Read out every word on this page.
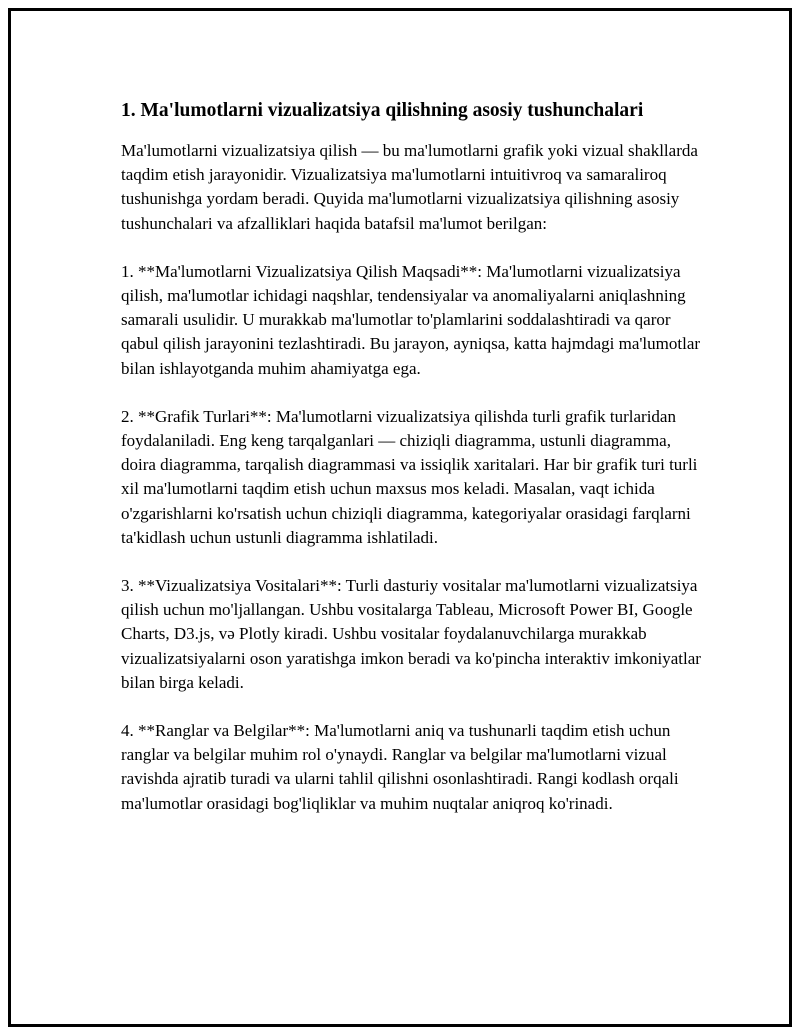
1. Ma'lumotlarni vizualizatsiya qilishning asosiy tushunchalari

Ma'lumotlarni vizualizatsiya qilish — bu ma'lumotlarni grafik yoki vizual shakllarda taqdim etish jarayonidir. Vizualizatsiya ma'lumotlarni intuitivroq va samaraliroq tushunishga yordam beradi. Quyida ma'lumotlarni vizualizatsiya qilishning asosiy tushunchalari va afzalliklari haqida batafsil ma'lumot berilgan:

1. **Ma'lumotlarni Vizualizatsiya Qilish Maqsadi**: Ma'lumotlarni vizualizatsiya qilish, ma'lumotlar ichidagi naqshlar, tendensiyalar va anomaliyalarni aniqlashning samarali usulidir. U murakkab ma'lumotlar to'plamlarini soddalashtiradi va qaror qabul qilish jarayonini tezlashtiradi. Bu jarayon, ayniqsa, katta hajmdagi ma'lumotlar bilan ishlayotganda muhim ahamiyatga ega.

2. **Grafik Turlari**: Ma'lumotlarni vizualizatsiya qilishda turli grafik turlaridan foydalaniladi. Eng keng tarqalganlari — chiziqli diagramma, ustunli diagramma, doira diagramma, tarqalish diagrammasi va issiqlik xaritalari. Har bir grafik turi turli xil ma'lumotlarni taqdim etish uchun maxsus mos keladi. Masalan, vaqt ichida o'zgarishlarni ko'rsatish uchun chiziqli diagramma, kategoriyalar orasidagi farqlarni ta'kidlash uchun ustunli diagramma ishlatiladi.

3. **Vizualizatsiya Vositalari**: Turli dasturiy vositalar ma'lumotlarni vizualizatsiya qilish uchun mo'ljallangan. Ushbu vositalarga Tableau, Microsoft Power BI, Google Charts, D3.js, və Plotly kiradi. Ushbu vositalar foydalanuvchilarga murakkab vizualizatsiyalarni oson yaratishga imkon beradi va ko'pincha interaktiv imkoniyatlar bilan birga keladi.

4. **Ranglar va Belgilar**: Ma'lumotlarni aniq va tushunarli taqdim etish uchun ranglar va belgilar muhim rol o'ynaydi. Ranglar va belgilar ma'lumotlarni vizual ravishda ajratib turadi va ularni tahlil qilishni osonlashtiradi. Rangi kodlash orqali ma'lumotlar orasidagi bog'liqliklar va muhim nuqtalar aniqroq ko'rinadi.
